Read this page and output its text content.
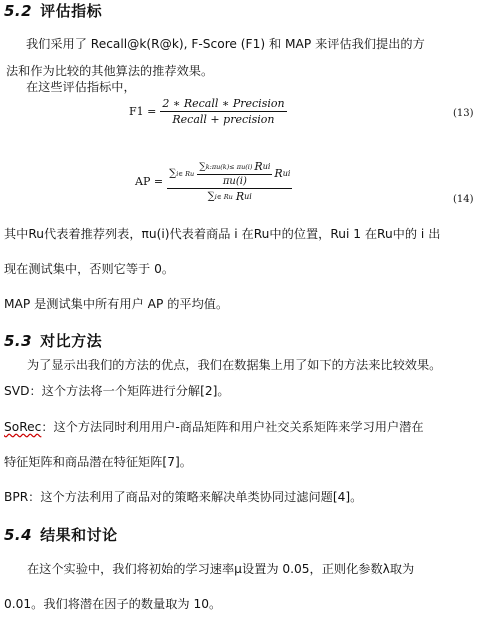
5.2 评估指标
我们采用了 Recall@k(R@k), F-Score (F1) 和 MAP 来评估我们提出的方
法和作为比较的其他算法的推荐效果。
在这些评估指标中，
$F1 = \frac{\text{2 ∗ Recall ∗ Precision}}{\text{Recall + precision}}$	(13)
AP =
∑ i∈ Ru $\frac{\text{∑ k:πu(k)≤ πu(i) R ui}}{\pi u(i)}$ R ui
∑ i∈ Ru R ui	(14)
其中Ru代表着推荐列表，πu(i)代表着商品 i 在Ru中的位置，Rui 1 在Ru中的 i 出
现在测试集中，否则它等于 0。
MAP 是测试集中所有用户 AP 的平均值。
5.3 对比方法
为了显示出我们的方法的优点，我们在数据集上用了如下的方法来比较效果。
SVD：这个方法将一个矩阵进行分解[2]。
SoRec：这个方法同时利用用户-商品矩阵和用户社交关系矩阵来学习用户潜在
特征矩阵和商品潜在特征矩阵[7]。
BPR：这个方法利用了商品对的策略来解决单类协同过滤问题[4]。
5.4 结果和讨论
在这个实验中，我们将初始的学习速率μ设置为 0.05，正则化参数λ取为
0.01。我们将潜在因子的数量取为 10。
